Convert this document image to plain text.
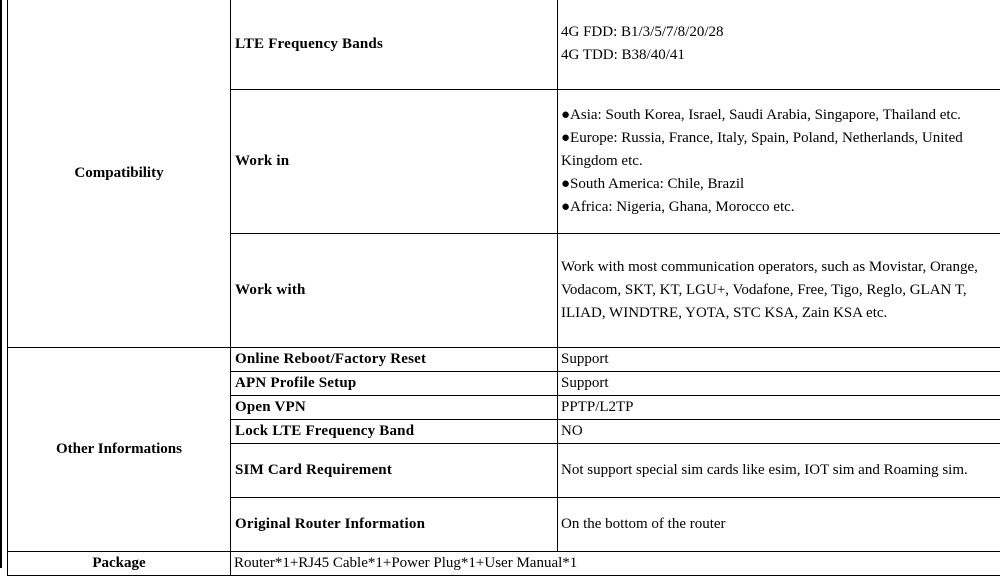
Compatibility	LTE Frequency Bands	4G FDD: B1/3/5/7/8/20/28
4G TDD: B38/40/41

	Work in	●Asia: South Korea, Israel, Saudi Arabia, Singapore, Thailand etc.
●Europe: Russia, France, Italy, Spain, Poland, Netherlands, United Kingdom etc.
●South America: Chile, Brazil
●Africa: Nigeria, Ghana, Morocco etc.

	Work with	Work with most communication operators, such as Movistar, Orange, Vodacom, SKT, KT, LGU+, Vodafone, Free, Tigo, Reglo, GLAN T, ILIAD, WINDTRE, YOTA, STC KSA, Zain KSA etc.

Other Informations	Online Reboot/Factory Reset	Support
	APN Profile Setup	Support
	Open VPN	PPTP/L2TP
	Lock LTE Frequency Band	NO
	SIM Card Requirement	Not support special sim cards like esim, IOT sim and Roaming sim.
	Original Router Information	On the bottom of the router
Package	Router*1+RJ45 Cable*1+Power Plug*1+User Manual*1	
